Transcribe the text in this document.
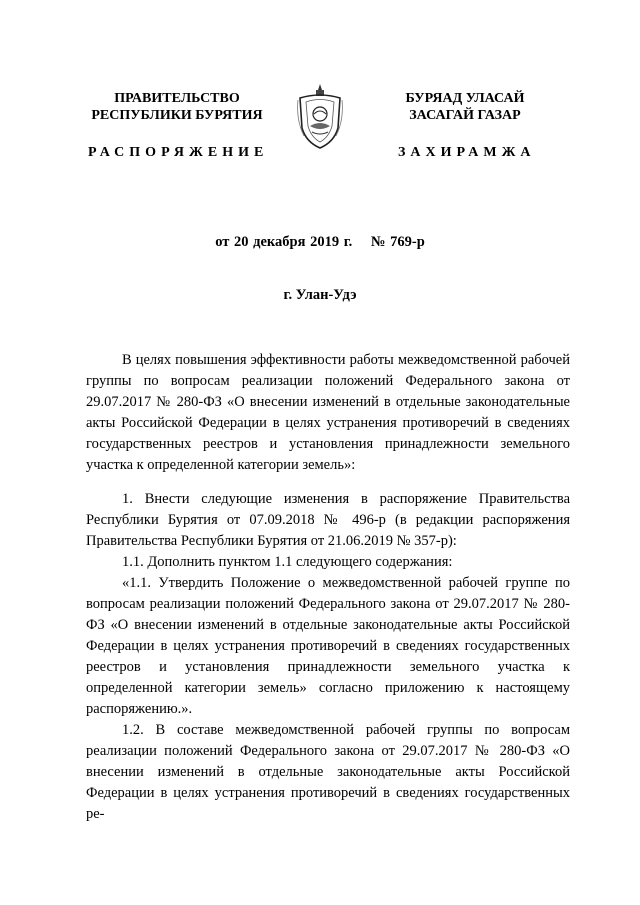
ПРАВИТЕЛЬСТВО
РЕСПУБЛИКИ БУРЯТИЯ
БУРЯАД УЛАСАЙ
ЗАСАГАЙ ГАЗАР
РАСПОРЯЖЕНИЕ	ЗАХИРАМЖА
от 20 декабря 2019 г. № 769-р
г. Улан-Удэ

В целях повышения эффективности работы межведомственной рабочей группы по вопросам реализации положений Федерального закона от 29.07.2017 № 280-ФЗ «О внесении изменений в отдельные законодательные акты Российской Федерации в целях устранения противоречий в сведениях государственных реестров и установления принадлежности земельного участка к определенной категории земель»:

1. Внести следующие изменения в распоряжение Правительства Республики Бурятия от 07.09.2018 № 496-р (в редакции распоряжения Правительства Республики Бурятия от 21.06.2019 № 357-р):

1.1. Дополнить пунктом 1.1 следующего содержания:

«1.1. Утвердить Положение о межведомственной рабочей группе по вопросам реализации положений Федерального закона от 29.07.2017 № 280-ФЗ «О внесении изменений в отдельные законодательные акты Российской Федерации в целях устранения противоречий в сведениях государственных реестров и установления принадлежности земельного участка к определенной категории земель» согласно приложению к настоящему распоряжению.».

1.2. В составе межведомственной рабочей группы по вопросам реализации положений Федерального закона от 29.07.2017 № 280-ФЗ «О внесении изменений в отдельные законодательные акты Российской Федерации в целях устранения противоречий в сведениях государственных ре-
